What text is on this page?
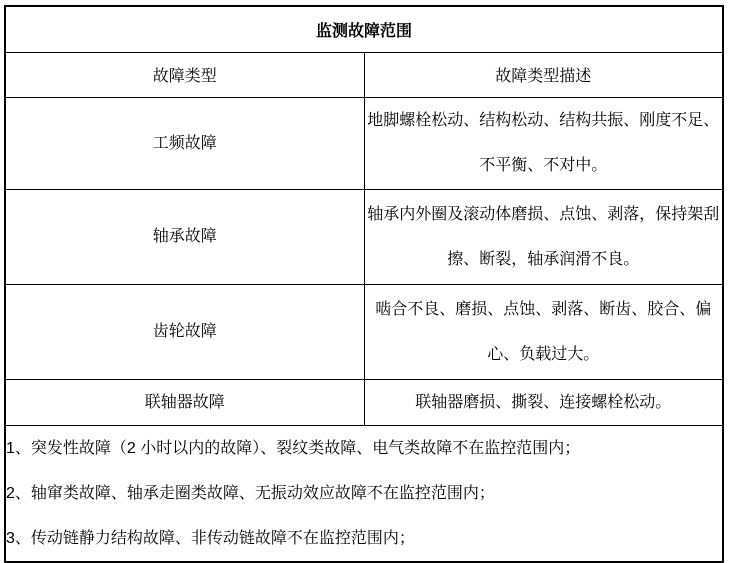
监测故障范围	
故障类型	故障类型描述
工频故障	地脚螺栓松动、结构松动、结构共振、刚度不足、不平衡、不对中。
轴承故障	轴承内外圈及滚动体磨损、点蚀、剥落，保持架刮擦、断裂，轴承润滑不良。
齿轮故障	啮合不良、磨损、点蚀、剥落、断齿、胶合、偏心、负载过大。
联轴器故障	联轴器磨损、撕裂、连接螺栓松动。

1、突发性故障（2 小时以内的故障）、裂纹类故障、电气类故障不在监控范围内；

2、轴窜类故障、轴承走圈类故障、无振动效应故障不在监控范围内；

3、传动链静力结构故障、非传动链故障不在监控范围内；	
